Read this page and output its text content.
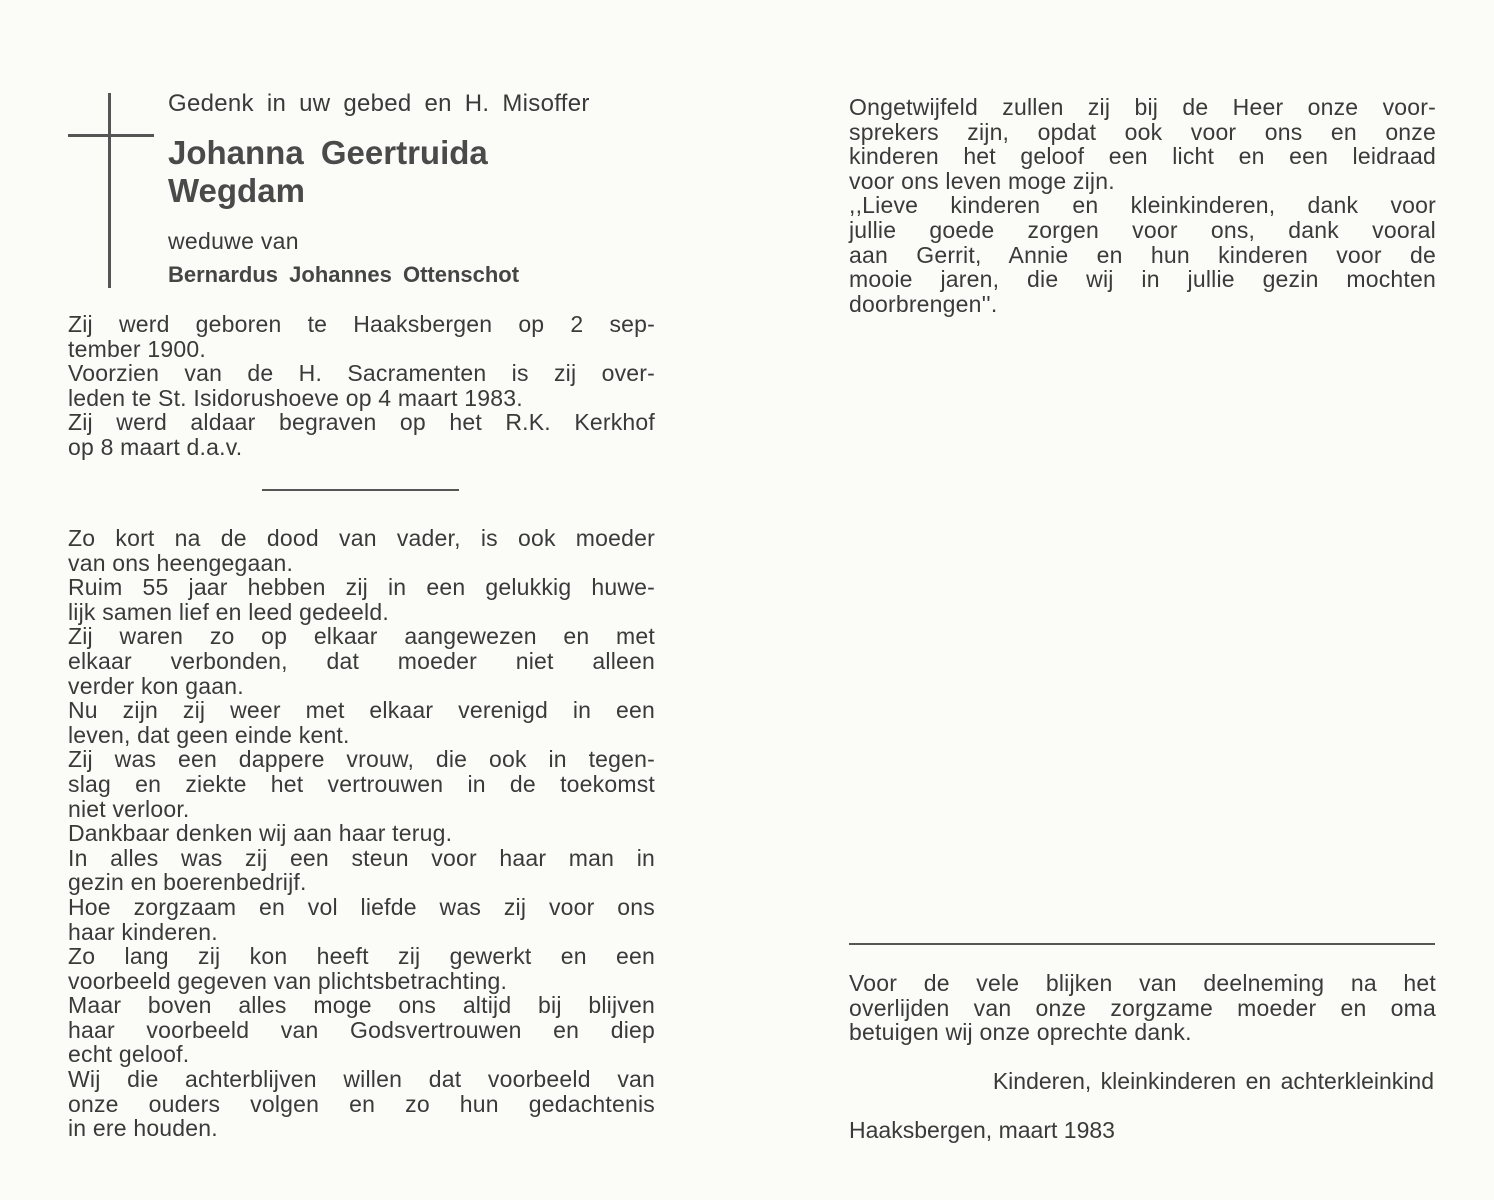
Gedenk in uw gebed en H. Misoffer
Johanna Geertruida
Wegdam
weduwe van
Bernardus Johannes Ottenschot
Zij werd geboren te Haaksbergen op 2 sep-
tember 1900.
Voorzien van de H. Sacramenten is zij over-
leden te St. Isidorushoeve op 4 maart 1983.
Zij werd aldaar begraven op het R.K. Kerkhof
op 8 maart d.a.v.
Zo kort na de dood van vader, is ook moeder
van ons heengegaan.
Ruim 55 jaar hebben zij in een gelukkig huwe-
lijk samen lief en leed gedeeld.
Zij waren zo op elkaar aangewezen en met
elkaar verbonden, dat moeder niet alleen
verder kon gaan.
Nu zijn zij weer met elkaar verenigd in een
leven, dat geen einde kent.
Zij was een dappere vrouw, die ook in tegen-
slag en ziekte het vertrouwen in de toekomst
niet verloor.
Dankbaar denken wij aan haar terug.
In alles was zij een steun voor haar man in
gezin en boerenbedrijf.
Hoe zorgzaam en vol liefde was zij voor ons
haar kinderen.
Zo lang zij kon heeft zij gewerkt en een
voorbeeld gegeven van plichtsbetrachting.
Maar boven alles moge ons altijd bij blijven
haar voorbeeld van Godsvertrouwen en diep
echt geloof.
Wij die achterblijven willen dat voorbeeld van
onze ouders volgen en zo hun gedachtenis
in ere houden.
Ongetwijfeld zullen zij bij de Heer onze voor-
sprekers zijn, opdat ook voor ons en onze
kinderen het geloof een licht en een leidraad
voor ons leven moge zijn.
,,Lieve kinderen en kleinkinderen, dank voor
jullie goede zorgen voor ons, dank vooral
aan Gerrit, Annie en hun kinderen voor de
mooie jaren, die wij in jullie gezin mochten
doorbrengen''.
Voor de vele blijken van deelneming na het
overlijden van onze zorgzame moeder en oma
betuigen wij onze oprechte dank.
Kinderen, kleinkinderen en achterkleinkind
Haaksbergen, maart 1983
